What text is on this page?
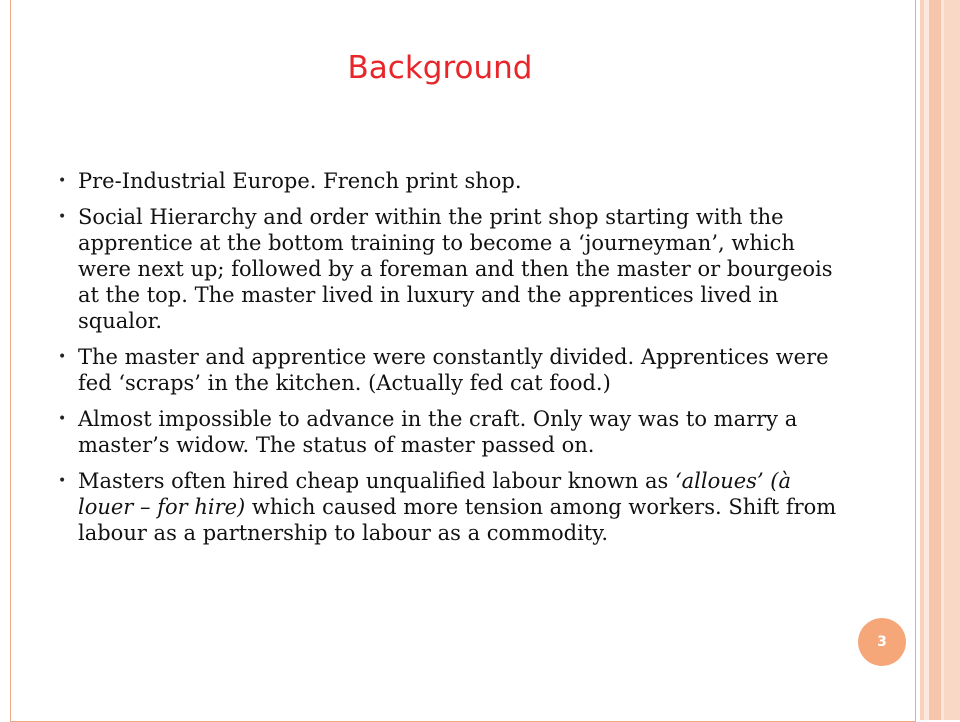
Background
• Pre-Industrial Europe. French print shop.
• Social Hierarchy and order within the print shop starting with the apprentice at the bottom training to become a ‘journeyman’, which were next up; followed by a foreman and then the master or bourgeois at the top. The master lived in luxury and the apprentices lived in squalor.
• The master and apprentice were constantly divided. Apprentices were fed ‘scraps’ in the kitchen. (Actually fed cat food.)
• Almost impossible to advance in the craft. Only way was to marry a master’s widow. The status of master passed on.
• Masters often hired cheap unqualified labour known as ‘alloues’ (à louer – for hire) which caused more tension among workers. Shift from labour as a partnership to labour as a commodity.
3
